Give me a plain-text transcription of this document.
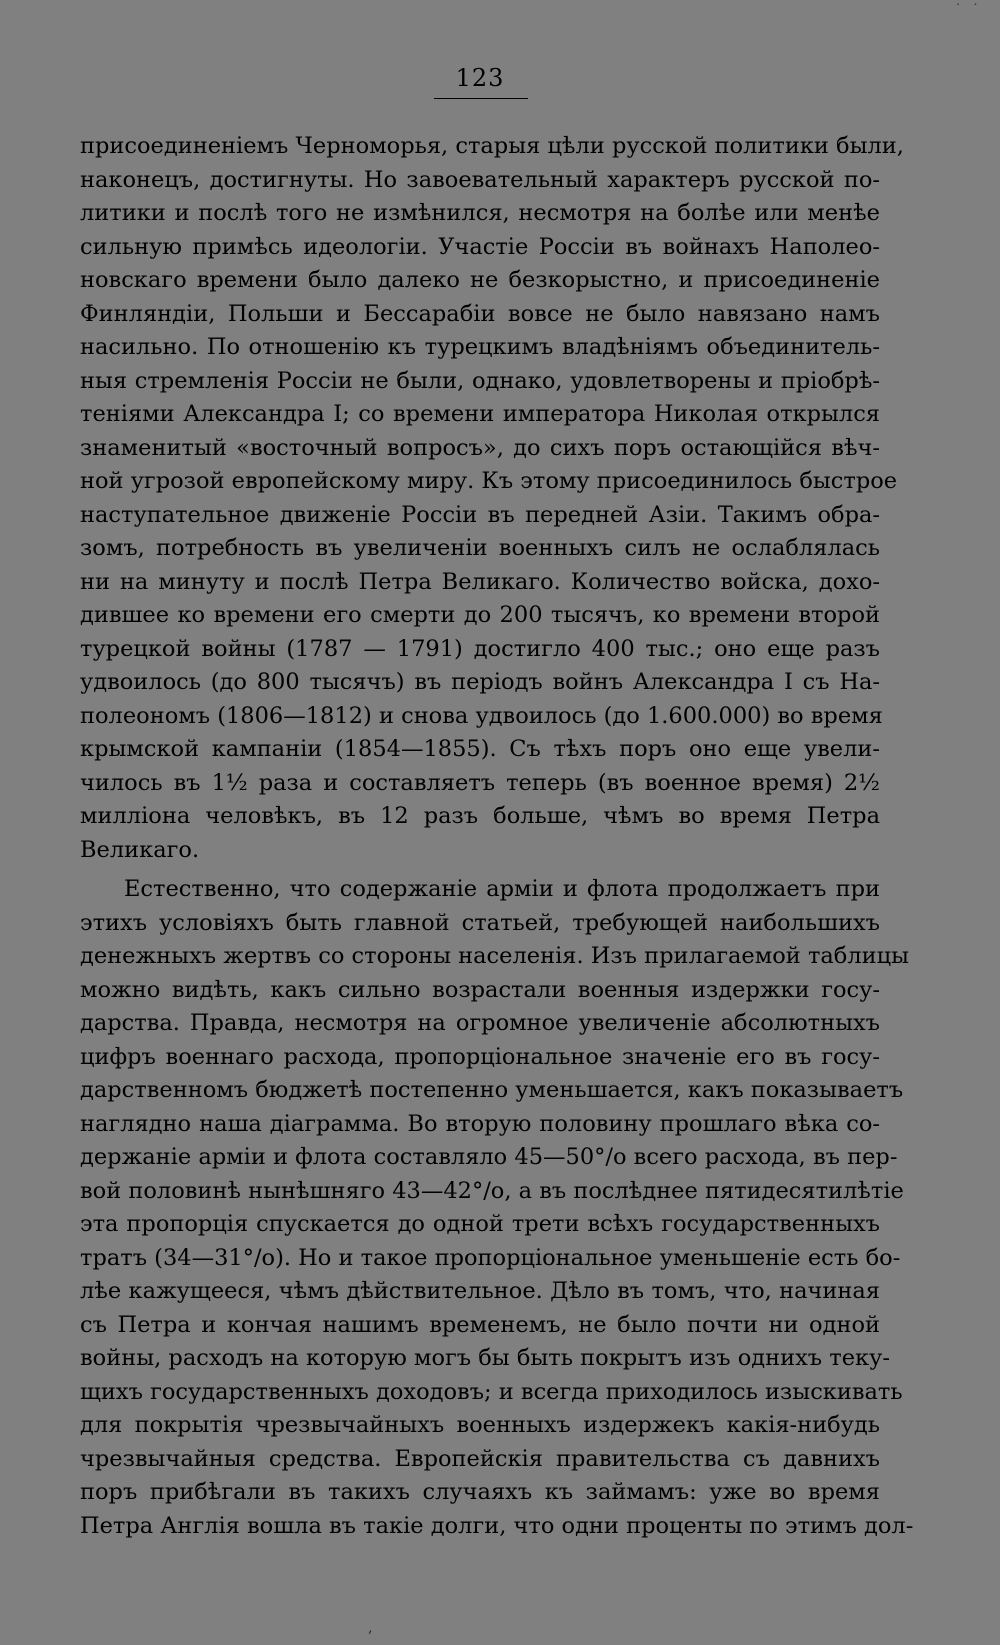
˙ ˙
123
присоединеніемъ Черноморья, старыя цѣли русской политики были,
наконецъ, достигнуты. Но завоевательный характеръ русской по-
литики и послѣ того не измѣнился, несмотря на болѣе или менѣе
сильную примѣсь идеологіи. Участіе Россіи въ войнахъ Наполео-
новскаго времени было далеко не безкорыстно, и присоединеніе
Финляндіи, Польши и Бессарабіи вовсе не было навязано намъ
насильно. По отношенію къ турецкимъ владѣніямъ объединитель-
ныя стремленія Россіи не были, однако, удовлетворены и пріобрѣ-
теніями Александра I; со времени императора Николая открылся
знаменитый «восточный вопросъ», до сихъ поръ остающійся вѣч-
ной угрозой европейскому миру. Къ этому присоединилось быстрое
наступательное движеніе Россіи въ передней Азіи. Такимъ обра-
зомъ, потребность въ увеличеніи военныхъ силъ не ослаблялась
ни на минуту и послѣ Петра Великаго. Количество войска, дохо-
дившее ко времени его смерти до 200 тысячъ, ко времени второй
турецкой войны (1787 — 1791) достигло 400 тыс.; оно еще разъ
удвоилось (до 800 тысячъ) въ періодъ войнъ Александра I съ На-
полеономъ (1806—1812) и снова удвоилось (до 1.600.000) во время
крымской кампаніи (1854—1855). Съ тѣхъ поръ оно еще увели-
чилось въ 1½ раза и составляетъ теперь (въ военное время) 2½
милліона человѣкъ, въ 12 разъ больше, чѣмъ во время Петра
Великаго.
Естественно, что содержаніе арміи и флота продолжаетъ при
этихъ условіяхъ быть главной статьей, требующей наибольшихъ
денежныхъ жертвъ со стороны населенія. Изъ прилагаемой таблицы
можно видѣть, какъ сильно возрастали военныя издержки госу-
дарства. Правда, несмотря на огромное увеличеніе абсолютныхъ
цифръ военнаго расхода, пропорціональное значеніе его въ госу-
дарственномъ бюджетѣ постепенно уменьшается, какъ показываетъ
наглядно наша діаграмма. Во вторую половину прошлаго вѣка со-
держаніе арміи и флота составляло 45—50°/о всего расхода, въ пер-
вой половинѣ нынѣшняго 43—42°/о, а въ послѣднее пятидесятилѣтіе
эта пропорція спускается до одной трети всѣхъ государственныхъ
тратъ (34—31°/о). Но и такое пропорціональное уменьшеніе есть бо-
лѣе кажущееся, чѣмъ дѣйствительное. Дѣло въ томъ, что, начиная
съ Петра и кончая нашимъ временемъ, не было почти ни одной
войны, расходъ на которую могъ бы быть покрытъ изъ однихъ теку-
щихъ государственныхъ доходовъ; и всегда приходилось изыскивать
для покрытія чрезвычайныхъ военныхъ издержекъ какія-нибудь
чрезвычайныя средства. Европейскія правительства съ давнихъ
поръ прибѣгали въ такихъ случаяхъ къ займамъ: уже во время
Петра Англія вошла въ такіе долги, что одни проценты по этимъ дол-
‚
